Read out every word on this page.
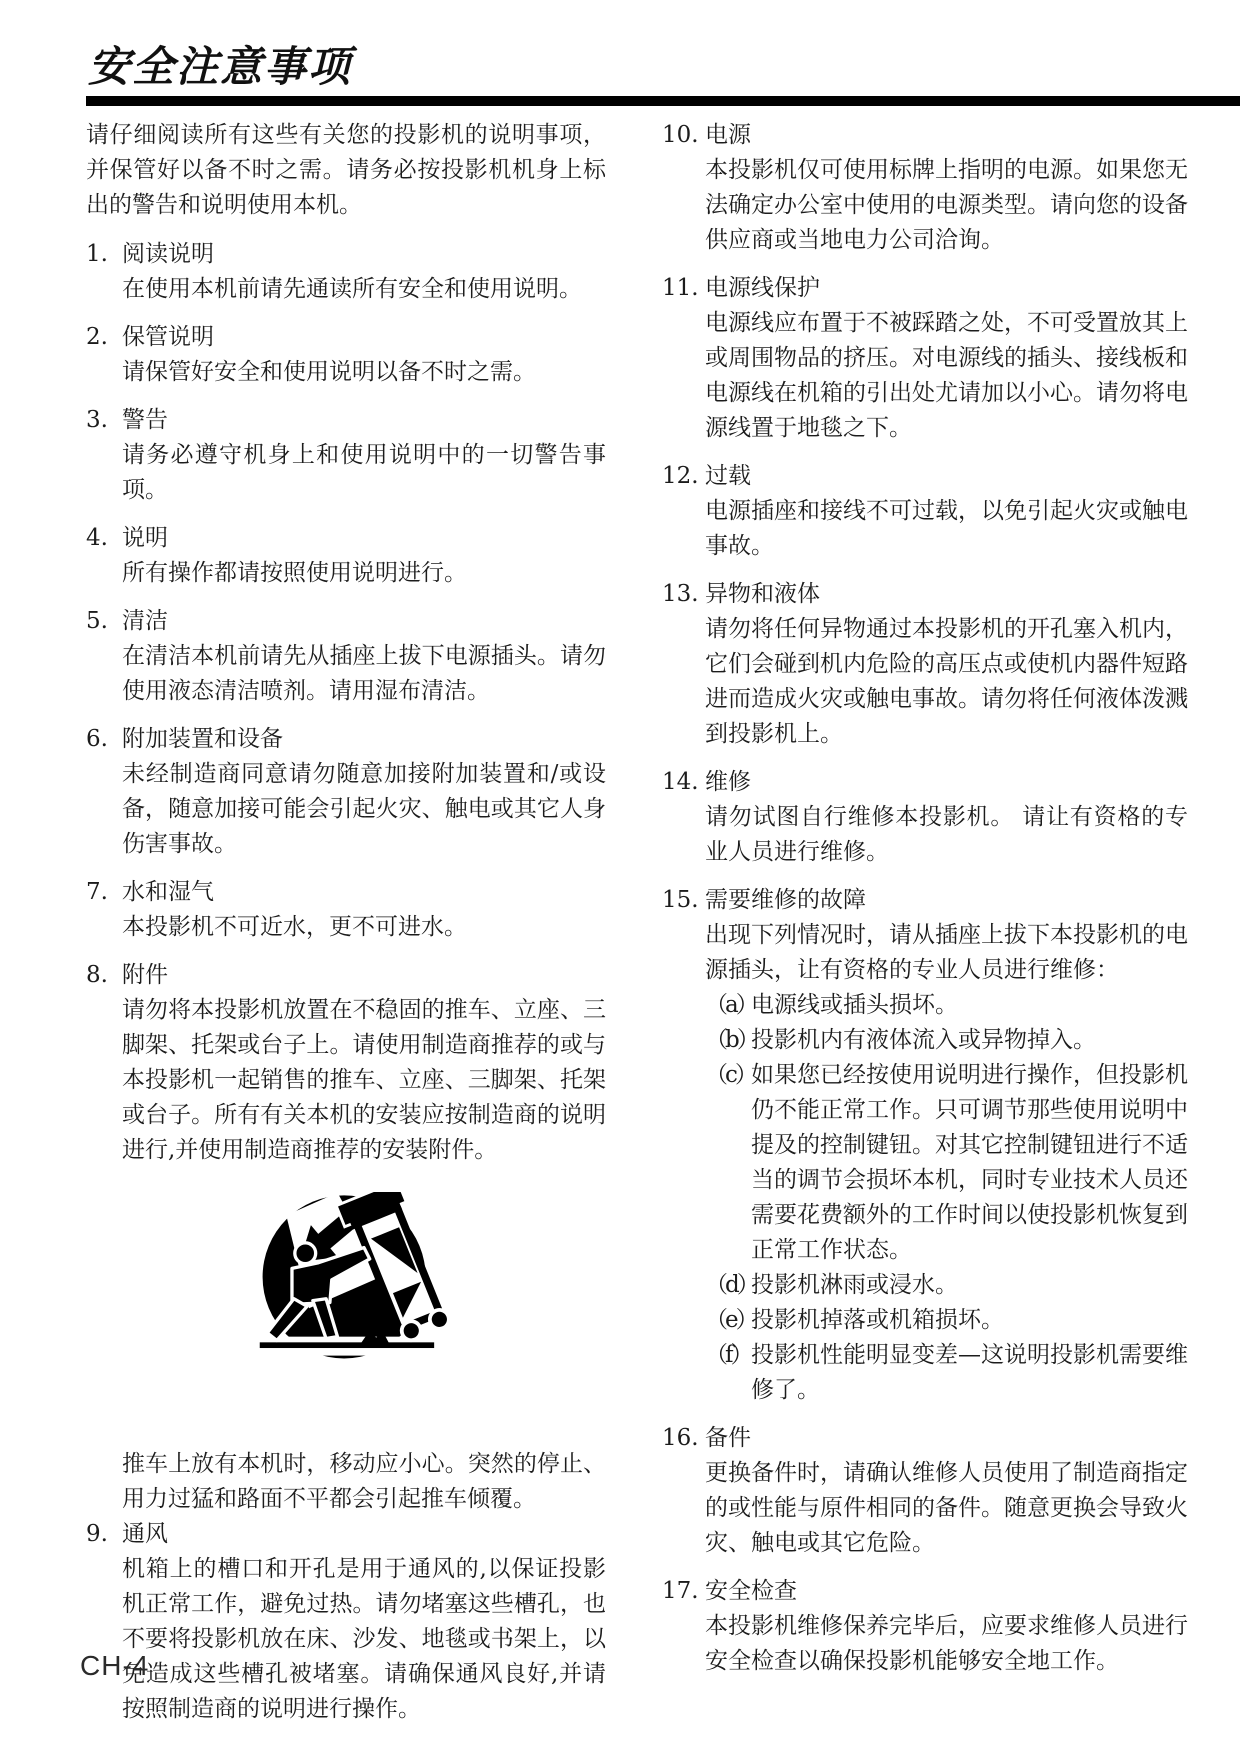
安全注意事项

请仔细阅读所有这些有关您的投影机的说明事项，并保管好以备不时之需。请务必按投影机机身上标出的警告和说明使用本机。

1. 阅读说明
在使用本机前请先通读所有安全和使用说明。
2. 保管说明
请保管好安全和使用说明以备不时之需。
3. 警告
请务必遵守机身上和使用说明中的一切警告事项。
4. 说明
所有操作都请按照使用说明进行。
5. 清洁
在清洁本机前请先从插座上拔下电源插头。请勿使用液态清洁喷剂。请用湿布清洁。
6. 附加装置和设备
未经制造商同意请勿随意加接附加装置和/或设备，随意加接可能会引起火灾、触电或其它人身伤害事故。
7. 水和湿气
本投影机不可近水，更不可进水。
8. 附件
请勿将本投影机放置在不稳固的推车、立座、三脚架、托架或台子上。请使用制造商推荐的或与本投影机一起销售的推车、立座、三脚架、托架或台子。所有有关本机的安装应按制造商的说明进行,并使用制造商推荐的安装附件。

推车上放有本机时，移动应小心。突然的停止、用力过猛和路面不平都会引起推车倾覆。

9. 通风
机箱上的槽口和开孔是用于通风的,以保证投影机正常工作，避免过热。请勿堵塞这些槽孔，也不要将投影机放在床、沙发、地毯或书架上，以免造成这些槽孔被堵塞。请确保通风良好,并请按照制造商的说明进行操作。
10. 电源
本投影机仅可使用标牌上指明的电源。如果您无法确定办公室中使用的电源类型。请向您的设备供应商或当地电力公司洽询。
11. 电源线保护
电源线应布置于不被踩踏之处，不可受置放其上或周围物品的挤压。对电源线的插头、接线板和电源线在机箱的引出处尤请加以小心。请勿将电源线置于地毯之下。
12. 过载
电源插座和接线不可过载，以免引起火灾或触电事故。
13. 异物和液体
请勿将任何异物通过本投影机的开孔塞入机内，它们会碰到机内危险的高压点或使机内器件短路进而造成火灾或触电事故。请勿将任何液体泼溅到投影机上。
14. 维修
请勿试图自行维修本投影机。 请让有资格的专业人员进行维修。
15. 需要维修的故障
出现下列情况时，请从插座上拔下本投影机的电源插头，让有资格的专业人员进行维修：
（a）
电源线或插头损坏。
（b）
投影机内有液体流入或异物掉入。
（c）
如果您已经按使用说明进行操作，但投影机仍不能正常工作。只可调节那些使用说明中提及的控制键钮。对其它控制键钮进行不适当的调节会损坏本机，同时专业技术人员还需要花费额外的工作时间以使投影机恢复到正常工作状态。
（d）
投影机淋雨或浸水。
（e）
投影机掉落或机箱损坏。
（f） 投影机性能明显变差—这说明投影机需要维修了。
16. 备件
更换备件时，请确认维修人员使用了制造商指定的或性能与原件相同的备件。随意更换会导致火灾、触电或其它危险。
17. 安全检查
本投影机维修保养完毕后，应要求维修人员进行安全检查以确保投影机能够安全地工作。
CH-4
